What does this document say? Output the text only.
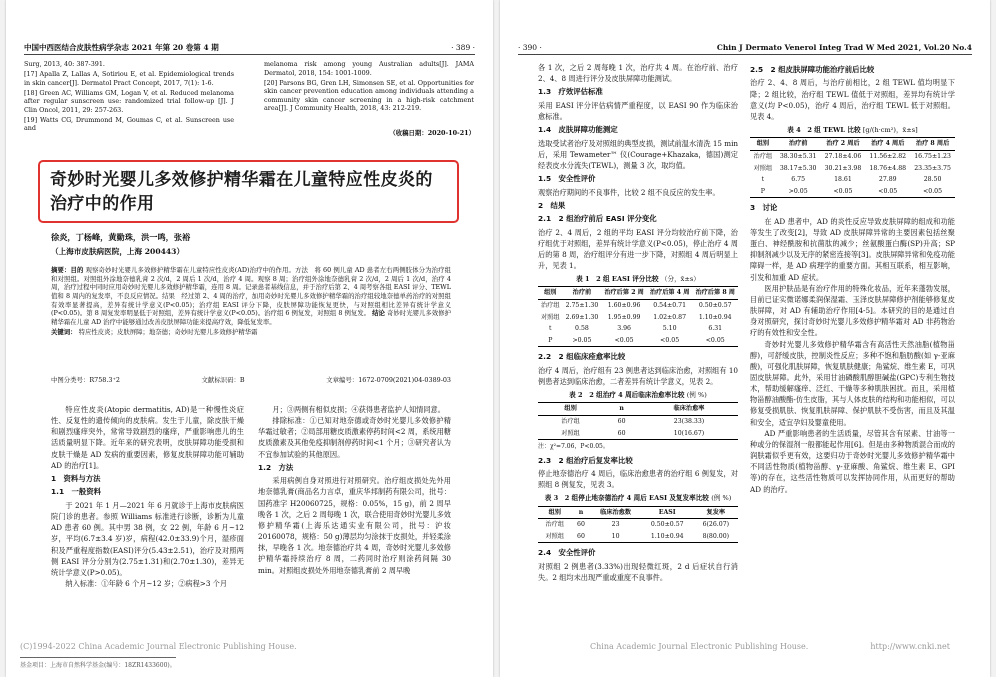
中国中西医结合皮肤性病学杂志 2021 年第 20 卷第 4 期	· 389 ·

Surg, 2013, 40: 387-391.

[17] Apalla Z, Lallas A, Sotiriou E, et al. Epidemiological trends in skin cancer[J]. Dermatol Pract Concept, 2017, 7(1): 1-6.

[18] Green AC, Williams GM, Logan V, et al. Reduced melanoma after regular sunscreen use: randomized trial follow-up [J]. J Clin Oncol, 2011, 29: 257-263.

[19] Watts CG, Drummond M, Goumas C, et al. Sunscreen use and

melanoma risk among young Australian adults[J]. JAMA Dermatol, 2018, 154: 1001-1009.

[20] Parsons BG, Gren LH, Simonsen SE, et al. Opportunities for skin cancer prevention education among individuals attending a community skin cancer screening in a high-risk catchment area[J]. J Community Health, 2018, 43: 212-219.

（收稿日期：2020-10-21）
奇妙时光婴儿多效修护精华霜在儿童特应性皮炎的治疗中的作用
徐炎，丁杨峰，黄勤珠，洪一鸣，张裕
（上海市皮肤病医院，上海 200443）
摘要：目的 观察奇妙时光婴儿多效修护精华霜在儿童特应性皮炎(AD)治疗中的作用。方法　将 60 例儿童 AD 患者左右两侧肢体分为治疗组和对照组。对照组外涂地奈德乳膏 2 次/d，2 周后 1 次/d，治疗 4 周。观察 8 周；治疗组外涂地奈德乳膏 2 次/d，2 周后 1 次/d，治疗 4 周，治疗过程中同时应用奇妙时光婴儿多效修护精华霜，连用 8 周。记录患者基线信息，并于治疗后第 2、4 周考察各组 EASI 评分、TEWL 值和 8 周内的复发率，不良反应情况。结果　经过第 2、4 周的治疗，加用奇妙时光婴儿多效修护精华霜的治疗组较地奈德单药治疗的对照组有效率显著提高，差异有统计学意义(P<0.05)；治疗组 EASI 评分下降，皮肤屏障功能恢复更快，与对照组相比差异有统计学意义(P<0.05)。第 8 周复发率明显低于对照组，差异有统计学意义(P<0.05)。治疗组 6 例复发，对照组 8 例复发。 结论 奇妙时光婴儿多效修护精华霜在儿童 AD 治疗中能够通过改善皮肤屏障功能来提高疗效，降低复发率。
关键词： 特应性皮炎；皮肤屏障；地奈德；奇妙时光婴儿多效修护精华霜
中图分类号：R758.3⁺2	文献标识码：B	文章编号：1672-0709(2021)04-0389-03

特应性皮炎(Atopic dermatitis, AD)是一种慢性炎症性、反复性的遗传倾向的皮肤病。发生于儿童，除皮肤干燥和剧烈瘙痒突外，常常导致剧烈的瘙痒，严重影响患儿的生活质量明显下降。近年来的研究表明，皮肤屏障功能受损和皮肤干燥是 AD 发病的重要因素，修复皮肤屏障功能可辅助 AD 的治疗[1]。

1　资料与方法
1.1　一般资料

于 2021 年 1 月—2021 年 6 月就诊于上海市皮肤病医院门诊的患者。参照 Williams 标准进行诊断，诊断为儿童 AD 患者 60 例。其中男 38 例，女 22 例，年龄 6 月~12 岁，平均(6.7±3.4 岁)岁，病程(42.0±33.9)个月，湿疹面积及严重程度指数(EASI)评分(5.43±2.51)，治疗及对照两侧 EASI 评分分别为(2.75±1.31)和(2.70±1.30)，差异无统计学意义(P>0.05)。

纳入标准：①年龄 6 个月~12 岁；②病程>3 个月

月；③两侧有相似皮损；④获得患者监护人知情同意。

排除标准：①已知对地奈德或奇妙时光婴儿多效修护精华霜过敏者；②局部用糖皮质激素停药时间<2 周，系统用糖皮质激素及其他免疫抑制剂停药时间<1 个月；③研究者认为不宜参加试验的其他原因。

1.2　方法

采用病例自身对照进行对照研究。治疗组皮损处先外用地奈德乳膏(商品名力言卓，重庆华邦制药有限公司，批号：国药准字 H20060725，规格：0.05%，15 g)，前 2 周早晚各 1 次，之后 2 周每晚 1 次，联合使用奇妙时光婴儿多效修护精华霜(上海乐达通实业有限公司，批号：沪妆 20160078，规格：50 g)薄层均匀涂抹于皮损处，并轻柔涂抹，早晚各 1 次。地奈德治疗共 4 周，奇妙时光婴儿多效修护精华霜持续治疗 8 周，二药同时治疗则涂药间隔 30 min。对照组皮损处外用地奈德乳膏前 2 周早晚

(C)1994-2022 China Academic Journal Electronic Publishing House.
基金项目：上海市自然科学基金(编号：18ZR1433600)。
· 390 ·	Chin J Dermato Venerol Integ Trad W Med 2021, Vol.20 No.4

各 1 次，之后 2 周每晚 1 次，治疗共 4 周。在治疗前、治疗 2、4、8 周进行评分及皮肤屏障功能测试。

1.3　疗效评估标准

采用 EASI 评分评估病情严重程度，以 EASI 90 作为临床治愈标准。

1.4　皮肤屏障功能测定

选取受试者治疗及对照组的典型皮损，测试前温水清洗 15 min 后，采用 Tewameter™ 仪(Courage+Khazaka，德国)测定经表皮水分流失(TEWL)，测量 3 次，取均值。

1.5　安全性评价

观察治疗期间的不良事件，比较 2 组不良反应的发生率。

2　结果
2.1　2 组治疗前后 EASI 评分变化

治疗 2、4 周后，2 组的平均 EASI 评分均较治疗前下降，治疗组优于对照组，差异有统计学意义(P<0.05)，停止治疗 4 周后的第 8 周，治疗组评分有进一步下降，对照组 4 周后明显上升，见表 1。

表 1　2 组 EASI 评分比较 （分，x̄±s）
组别	治疗前	治疗后第 2 周	治疗后第 4 周	治疗后第 8 周
治疗组	2.75±1.30	1.60±0.96	0.54±0.71	0.50±0.57
对照组	2.69±1.30	1.95±0.99	1.02±0.87	1.10±0.94
t	0.58	3.96	5.10	6.31
P	>0.05	<0.05	<0.05	<0.05
2.2　2 组临床痊愈率比较

治疗 4 周后，治疗组有 23 例患者达到临床治愈，对照组有 10 例患者达到临床治愈，二者差异有统计学意义，见表 2。

表 2　2 组治疗 4 周后临床治愈率比较 (例 %)
组别	n	临床治愈率
治疗组	60	23(38.33)
对照组	60	10(16.67)
注：χ²=7.06，P<0.05。
2.3　2 组治疗后复发率比较

停止地奈德治疗 4 周后，临床治愈患者的治疗组 6 例复发，对照组 8 例复发，见表 3。

表 3　2 组停止地奈德治疗 4 周后 EASI 及复发率比较 (例 %)
组别	n	临床治愈数	EASI	复发率
治疗组	60	23	0.50±0.57	6(26.07)
对照组	60	10	1.10±0.94	8(80.00)
2.4　安全性评价

对照组 2 例患者(3.33%)出现轻微红斑，2 d 后症状自行消失。2 组均未出现严重或重度不良事件。

2.5　2 组皮肤屏障功能治疗前后比较

治疗 2、4、8 周后，与治疗前相比，2 组 TEWL 值均明显下降；2 组比较，治疗组 TEWL 值低于对照组，差异均有统计学意义(均 P<0.05)，治疗 4 周后，治疗组 TEWL 低于对照组。见表 4。

表 4　2 组 TEWL 比较 [g/(h·cm²)，x̄±s]
组别	治疗前	治疗 2 周后	治疗 4 周后	治疗 8 周后
治疗组	38.30±5.31	27.18±4.06	11.56±2.82	16.75±1.23
对照组	38.17±5.30	30.21±3.98	18.76±4.88	23.35±3.75
t	6.75	18.61	27.89	28.50
P	>0.05	<0.05	<0.05	<0.05
3　讨论

在 AD 患者中，AD 的炎性反应导致皮肤屏障的组成和功能等发生了改变[2]，导致 AD 皮肤屏障异常的主要因素包括丝聚蛋白、神经酰胺和抗菌肽的减少；丝氨酸蛋白酶(SP)升高；SP 抑制剂减少以及无序的紧密连接等[3]。皮肤屏障异常和免疫功能障碍一样，是 AD 病理学的重要方面。其相互联系，相互影响，引发和加重 AD 症状。

医用护肤品是有治疗作用的特殊化妆品，近年来蓬勃发展，目前已证实微诺娜柔润保湿霜、玉泽皮肤屏障修护剂能够修复皮肤屏障，对 AD 有辅助治疗作用[4-5]。本研究的目的是通过自身对照研究，探讨奇妙时光婴儿多效修护精华霜对 AD 非药物治疗的有效性和安全性。

奇妙时光婴儿多效修护精华霜含有高活性天然油脂(植物甾醇)，可舒缓皮肤，控制炎性反应；多种不饱和脂肪酸(如 γ-亚麻酸)，可强化肌肤屏障，恢复肌肤健康；角鲨烷、维生素 E，可巩固皮肤屏障。此外，采用甘油磷酸肌醇胆碱盐(GPC)专利生物技术，帮助缓解瘙痒、泛红、干燥等多种肌肤困扰。而且，采用植物甾醇油酸酯-仿生皮脂，其与人体皮肤的结构和功能相似，可以修复受损肌肤、恢复肌肤屏障、保护肌肤不受伤害，而且及其温和安全，适宜孕妇及婴童使用。

AD 严重影响患者的生活质量，尽管其含有尿素、甘油等一种或分的保湿剂一般都能起作用[6]。但是由多种物质混合而成的润肤霜似乎更有效，这要归功于奇妙时光婴儿多效修护精华霜中不同活性物质(植物甾醇、γ-亚麻酸、角鲨烷、维生素 E、GPI 等)的存在，这些活性物质可以发挥协同作用，从而更好的帮助 AD 的治疗。

China Academic Journal Electronic Publishing House.	http://www.cnki.net
